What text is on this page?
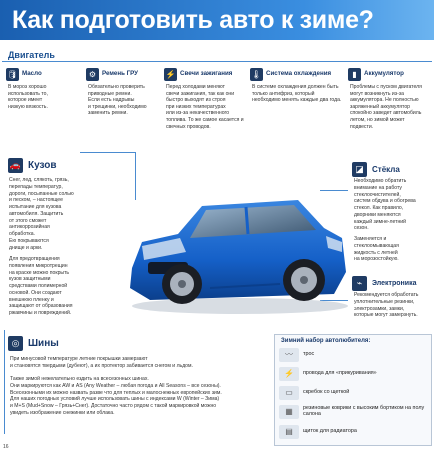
Как подготовить авто к зиме?
Двигатель
🛢 Масло
В мороз хорошо
использовать то,
которое имеет
низкую вязкость.
⚙ Ремень ГРУ
Обязательно проверить
приводные ремни.
Если есть надрывы
и трещинки, необходимо
заменить ремни.
⚡ Свечи зажигания
Перед холодами меняют
свечи зажигания, так как они
быстро выходят из строя
при низких температурах
или из-за некачественного
топлива. То же самое касается и
свечных проводов.
🌡 Система охлаждения
В системе охлаждения должен быть
только антифриз, который
необходимо менять каждые два года.
▮	Аккумулятор
Проблемы с пуском двигателя
могут возникнуть из-за
аккумулятора. Не полностью
заряженный аккумулятор
спокойно заведет автомобиль
летом, но зимой может
подвести.
🚗 Кузов
Снег, лед, слякоть, грязь,
перепады температур,
дороги, посыпанные солью
и песком, – настоящее
испытание для кузова
автомобиля. Защитить
от этого сможет
антикоррозийная
обработка.
Ею покрываются
днище и арки.
Для предотвращения
появления микротрещин
на краске можно покрыть
кузов защитными
средствами полимерной
основой. Они создают
внешнюю пленку и
защищают от образования
ржавчины и повреждений.
◪	Стёкла
Необходимо обратить
внимание на работу
стеклоочистителей,
систем обдува и обогрева
стекол. Как правило,
дворники меняются
каждый зимне-летний
сезон.
Заменяется и
стеклоомывающая
жидкость с летней
на морозостойкую.
⌁	Электроника
Рекомендуется обработать
уплотнительные резинки,
электрозамки, замки,
которые могут замерзнуть.
◎ Шины
При минусовой температуре летние покрышки замерзают
и становятся твердыми (дубеют), а их протектор забивается снегом и льдом.
Также зимой нежелательно ездить на всесезонных шинах.
Они маркируются как AW и AS (Any Weather – любая погода и All Seasons – все сезоны).
Всесезонными их можно назвать разве что для теплых и малоснежных европейских зим.
Для наших погодных условий лучше использовать шины с индексами W (Winter – Зима)
и M+S (Mud+Snow – Грязь+Снег). Достаточно часто рядом с такой маркировкой можно
увидеть изображение снежинки или облака.
Зимний набор автолюбителя:
〰	трос
⚡	провода для «прикуривания»
▭	скребок со щеткой
▦	резиновые коврики с высоким бортиком на полу салона
▤	щиток для радиатора
16
